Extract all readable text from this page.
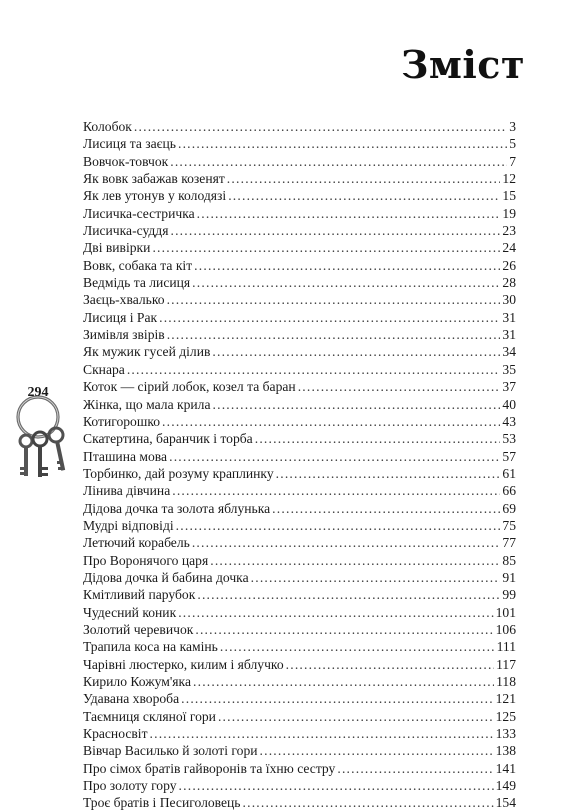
Зміст
Колобок .....	3
Лисиця та заєць .....	5
Вовчок-товчок .....	7
Як вовк забажав козенят .....	12
Як лев утонув у колодязі .....	15
Лисичка-сестричка .....	19
Лисичка-суддя .....	23
Дві вивірки .....	24
Вовк, собака та кіт .....	26
Ведмідь та лисиця .....	28
Заєць-хвалько .....	30
Лисиця і Рак .....	31
Зимівля звірів .....	31
Як мужик гусей ділив .....	34
Скнара .....	35
Коток — сірий лобок, козел та баран .....	37
Жінка, що мала крила .....	40
Котигорошко .....	43
Скатертина, баранчик і торба .....	53
Пташина мова .....	57
Торбинко, дай розуму краплинку .....	61
Лінива дівчина .....	66
Дідова дочка та золота яблунька .....	69
Мудрі відповіді .....	75
Летючий корабель .....	77
Про Воронячого царя .....	85
Дідова дочка й бабина дочка .....	91
Кмітливий парубок .....	99
Чудесний коник .....	101
Золотий черевичок .....	106
Трапила коса на камінь .....	111
Чарівні люстерко, килим і яблучко .....	117
Кирило Кожум'яка .....	118
Удавана хвороба .....	121
Таємниця скляної гори .....	125
Красносвіт .....	133
Вівчар Василько й золоті гори .....	138
Про сімох братів гайворонів та їхню сестру .....	141
Про золоту гору .....	149
Троє братів і Песиголовець .....	154
294
